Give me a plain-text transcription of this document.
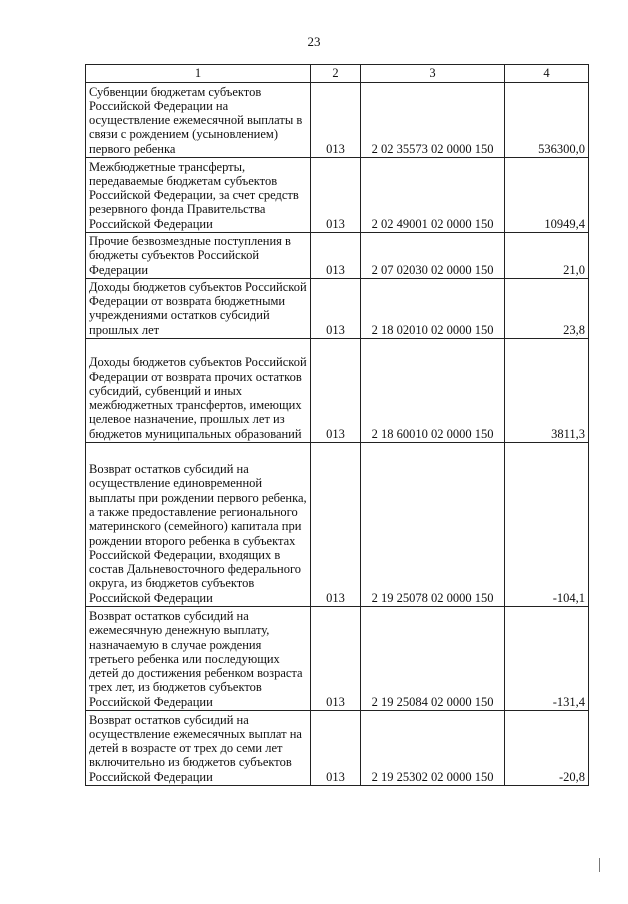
23
1	2	3	4
Субвенции бюджетам субъектов Российской Федерации на осуществление ежемесячной выплаты в связи с рождением (усыновлением) первого ребенка	013	2 02 35573 02 0000 150	536300,0
Межбюджетные трансферты, передаваемые бюджетам субъектов Российской Федерации, за счет средств резервного фонда Правительства Российской Федерации	013	2 02 49001 02 0000 150	10949,4
Прочие безвозмездные поступления в бюджеты субъектов Российской Федерации	013	2 07 02030 02 0000 150	21,0
Доходы бюджетов субъектов Российской Федерации от возврата бюджетными учреждениями остатков субсидий прошлых лет	013	2 18 02010 02 0000 150	23,8
Доходы бюджетов субъектов Российской Федерации от возврата прочих остатков субсидий, субвенций и иных межбюджетных трансфертов, имеющих целевое назначение, прошлых лет из бюджетов муниципальных образований	013	2 18 60010 02 0000 150	3811,3
Возврат остатков субсидий на осуществление единовременной выплаты при рождении первого ребенка, а также предоставление регионального материнского (семейного) капитала при рождении второго ребенка в субъектах Российской Федерации, входящих в состав Дальневосточного федерального округа, из бюджетов субъектов Российской Федерации	013	2 19 25078 02 0000 150	-104,1
Возврат остатков субсидий на ежемесячную денежную выплату, назначаемую в случае рождения третьего ребенка или последующих детей до достижения ребенком возраста трех лет, из бюджетов субъектов Российской Федерации	013	2 19 25084 02 0000 150	-131,4
Возврат остатков субсидий на осуществление ежемесячных выплат на детей в возрасте от трех до семи лет включительно из бюджетов субъектов Российской Федерации	013	2 19 25302 02 0000 150	-20,8
